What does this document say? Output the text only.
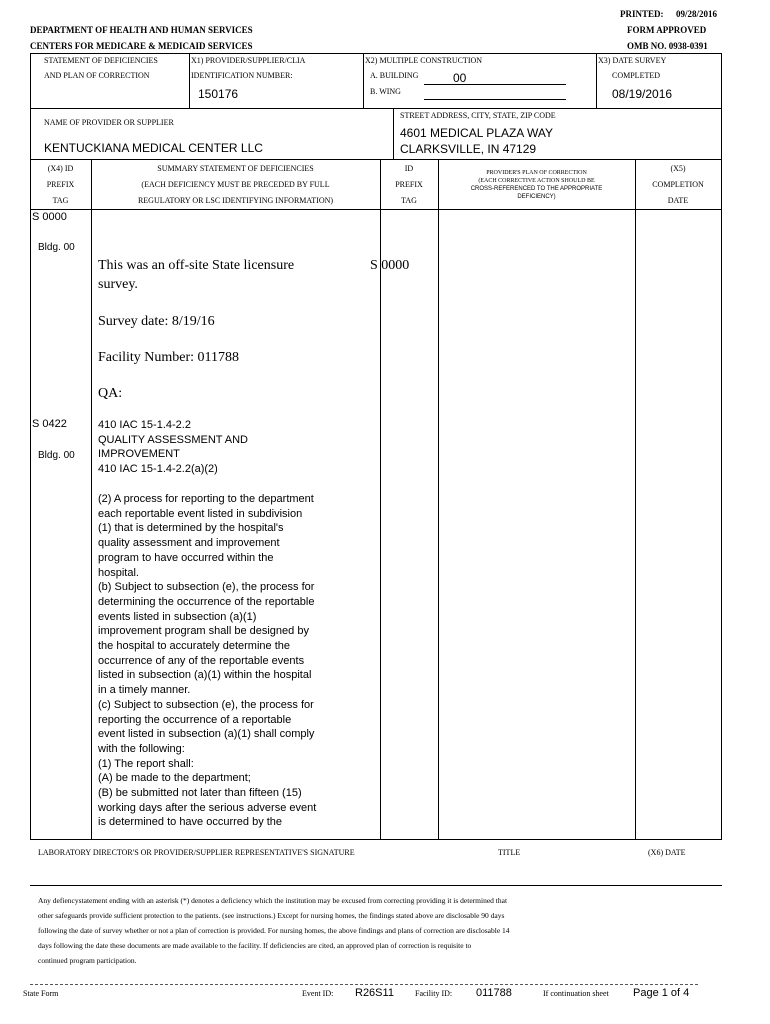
PRINTED: 09/28/2016
DEPARTMENT OF HEALTH AND HUMAN SERVICES	FORM APPROVED
CENTERS FOR MEDICARE & MEDICAID SERVICES	OMB NO. 0938-0391
STATEMENT OF DEFICIENCIES
AND PLAN OF CORRECTION
X1) PROVIDER/SUPPLIER/CLIA
IDENTIFICATION NUMBER:
150176
X2) MULTIPLE CONSTRUCTION
A. BUILDING	00
B. WING
X3) DATE SURVEY
COMPLETED
08/19/2016
NAME OF PROVIDER OR SUPPLIER
KENTUCKIANA MEDICAL CENTER LLC
STREET ADDRESS, CITY, STATE, ZIP CODE
4601 MEDICAL PLAZA WAY
CLARKSVILLE, IN 47129
(X4) ID
PREFIX
TAG
SUMMARY STATEMENT OF DEFICIENCIES
(EACH DEFICIENCY MUST BE PRECEDED BY FULL
REGULATORY OR LSC IDENTIFYING INFORMATION)
ID
PREFIX
TAG
PROVIDER'S PLAN OF CORRECTION
(EACH CORRECTIVE ACTION SHOULD BE
CROSS-REFERENCED TO THE APPROPRIATE
DEFICIENCY)
(X5)
COMPLETION
DATE
S 0000
Bldg. 00
This was an off-site State licensure
survey.
S 0000
Survey date: 8/19/16
Facility Number: 011788
QA:
S 0422
Bldg. 00
410 IAC 15-1.4-2.2
QUALITY ASSESSMENT AND
IMPROVEMENT
410 IAC 15-1.4-2.2(a)(2)
(2) A process for reporting to the department
each reportable event listed in subdivision
(1) that is determined by the hospital's
quality assessment and improvement
program to have occurred within the
hospital.
(b) Subject to subsection (e), the process for
determining the occurrence of the reportable
events listed in subsection (a)(1)
improvement program shall be designed by
the hospital to accurately determine the
occurrence of any of the reportable events
listed in subsection (a)(1) within the hospital
in a timely manner.
(c) Subject to subsection (e), the process for
reporting the occurrence of a reportable
event listed in subsection (a)(1) shall comply
with the following:
(1) The report shall:
(A) be made to the department;
(B) be submitted not later than fifteen (15)
working days after the serious adverse event
is determined to have occurred by the
LABORATORY DIRECTOR'S OR PROVIDER/SUPPLIER REPRESENTATIVE'S SIGNATURE	TITLE	(X6) DATE
Any defiencystatement ending with an asterisk (*) denotes a deficiency which the institution may be excused from correcting providing it is determined that
other safeguards provide sufficient protection to the patients. (see instructions.) Except for nursing homes, the findings stated above are disclosable 90 days
following the date of survey whether or not a plan of correction is provided. For nursing homes, the above findings and plans of correction are disclosable 14
days following the date these documents are made available to the facility. If deficiencies are cited, an approved plan of correction is requisite to
continued program participation.
State Form	Event ID: R26S11	Facility ID: 011788	If continuation sheet Page 1 of 4
